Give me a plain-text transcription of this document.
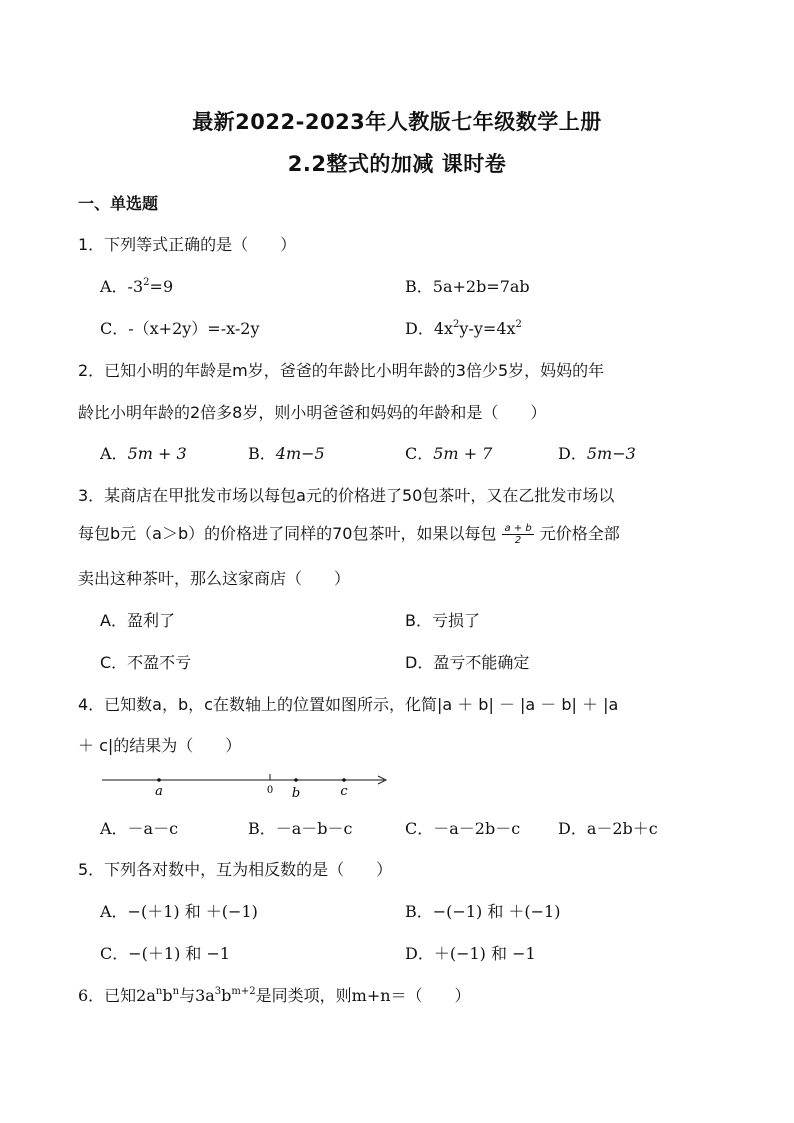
最新2022-2023年人教版七年级数学上册
2.2整式的加减 课时卷
一、单选题
1．下列等式正确的是（　　）
A．$-3^2=9$	B．5a+2b=7ab
C．-（x+2y）=-x-2y	D．$4x^2y-y=4x^2$
2．已知小明的年龄是m岁，爸爸的年龄比小明年龄的3倍少5岁，妈妈的年
龄比小明年龄的2倍多8岁，则小明爸爸和妈妈的年龄和是（　　）
A．5m + 3	B．4m−5	C．5m + 7	D．5m−3
3．某商店在甲批发市场以每包a元的价格进了50包茶叶，又在乙批发市场以
每包b元（a＞b）的价格进了同样的70包茶叶，如果以每包 $\frac{a + b}{2}$ 元价格全部
卖出这种茶叶，那么这家商店（　　）
A．盈利了	B．亏损了
C．不盈不亏	D．盈亏不能确定
4．已知数a，b，c在数轴上的位置如图所示，化简|a ＋ b| － |a － b| ＋ |a
＋ c|的结果为（　　）
a	0 b	c
A．－a－c	B．－a－b－c	C．－a－2b－c D．a－2b＋c
5．下列各对数中，互为相反数的是（　　）
A．−(＋1) 和 ＋(−1)	B．−(−1) 和 ＋(−1)
C．−(＋1) 和 −1	D．＋(−1) 和 −1
6．已知$2a^nb^n$与$3a^3b^{m+2}$是同类项，则m+n＝（　　）
